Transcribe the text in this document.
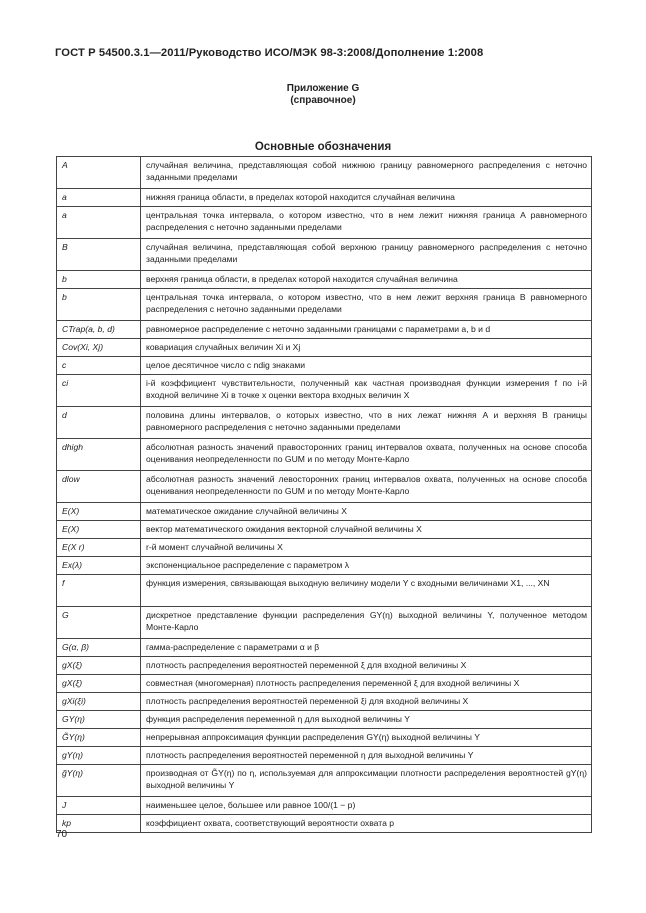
ГОСТ Р 54500.3.1—2011/Руководство ИСО/МЭК 98-3:2008/Дополнение 1:2008
Приложение G
(справочное)
Основные обозначения
A	случайная величина, представляющая собой нижнюю границу равномерного распределения с неточно заданными пределами
a	нижняя граница области, в пределах которой находится случайная величина
a	центральная точка интервала, о котором известно, что в нем лежит нижняя граница A равномерного распределения с неточно заданными пределами
B	случайная величина, представляющая собой верхнюю границу равномерного распределения с неточно заданными пределами
b	верхняя граница области, в пределах которой находится случайная величина
b	центральная точка интервала, о котором известно, что в нем лежит верхняя граница B равномерного распределения с неточно заданными пределами
CTrap(a, b, d)	равномерное распределение с неточно заданными границами с параметрами a, b и d
Cov(Xi, Xj)	ковариация случайных величин Xi и Xj
c	целое десятичное число с ndig знаками
ci	i-й коэффициент чувствительности, полученный как частная производная функции измерения f по i-й входной величине Xi в точке x оценки вектора входных величин X
d	половина длины интервалов, о которых известно, что в них лежат нижняя A и верхняя B границы равномерного распределения с неточно заданными пределами
dhigh	абсолютная разность значений правосторонних границ интервалов охвата, полученных на основе способа оценивания неопределенности по GUM и по методу Монте-Карло
dlow	абсолютная разность значений левосторонних границ интервалов охвата, полученных на основе способа оценивания неопределенности по GUM и по методу Монте-Карло
E(X)	математическое ожидание случайной величины X
E(X)	вектор математического ожидания векторной случайной величины X
E(X r)	r-й момент случайной величины X
Ex(λ)	экспоненциальное распределение с параметром λ
f	функция измерения, связывающая выходную величину модели Y с входными величинами X1, ..., XN
G	дискретное представление функции распределения GY(η) выходной величины Y, полученное методом Монте-Карло
G(α, β)	гамма-распределение с параметрами α и β
gX(ξ)	плотность распределения вероятностей переменной ξ для входной величины X
gX(ξ)	совместная (многомерная) плотность распределения переменной ξ для входной величины X
gXi(ξi)	плотность распределения вероятностей переменной ξi для входной величины X
GY(η)	функция распределения переменной η для выходной величины Y
G̃Y(η)	непрерывная аппроксимация функции распределения GY(η) выходной величины Y
gY(η)	плотность распределения вероятностей переменной η для выходной величины Y
g̃Y(η)	производная от G̃Y(η) по η, используемая для аппроксимации плотности распределения вероятностей gY(η) выходной величины Y
J	наименьшее целое, большее или равное 100/(1 − p)
kp	коэффициент охвата, соответствующий вероятности охвата p
70
